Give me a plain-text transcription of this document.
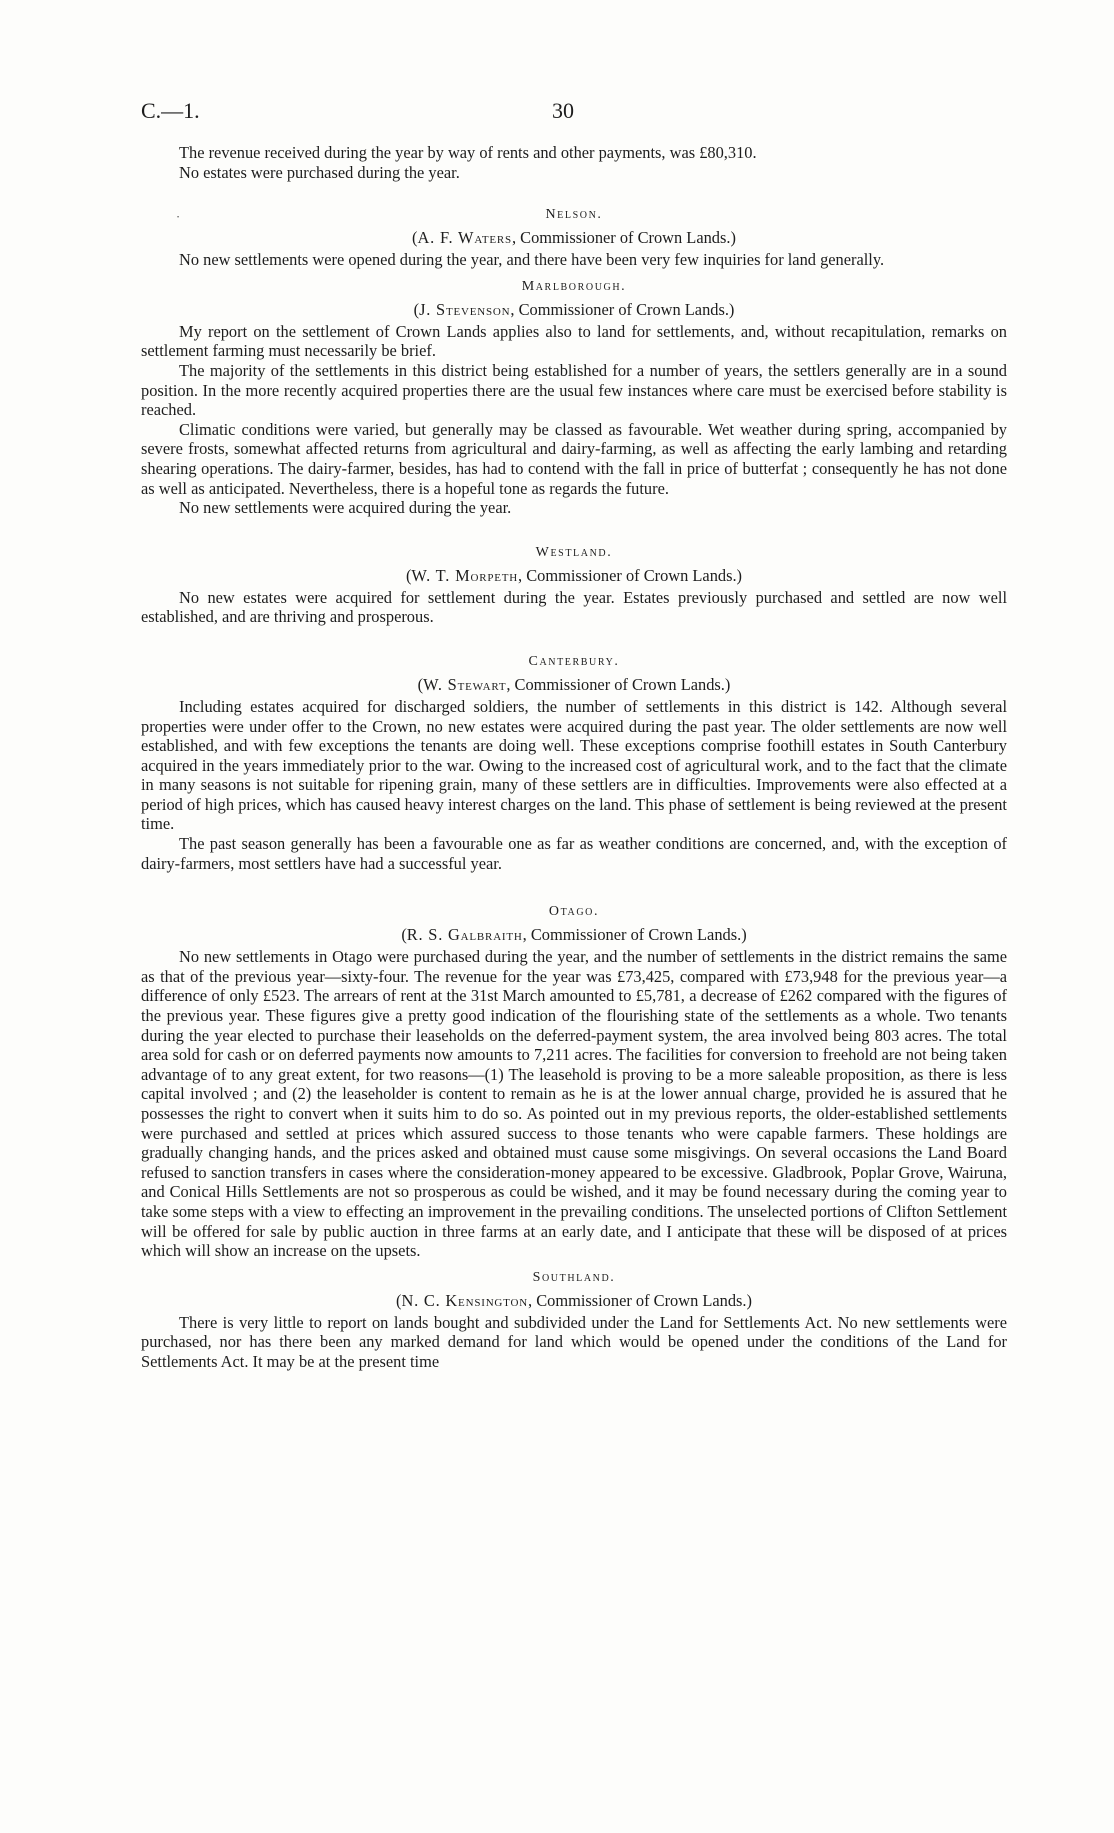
C.—1.	30
•

The revenue received during the year by way of rents and other payments, was £80,310.

No estates were purchased during the year.

Nelson.
(A. F. Waters, Commissioner of Crown Lands.)

No new settlements were opened during the year, and there have been very few inquiries for land generally.

Marlborough.
(J. Stevenson, Commissioner of Crown Lands.)

My report on the settlement of Crown Lands applies also to land for settlements, and, without recapitulation, remarks on settlement farming must necessarily be brief.

The majority of the settlements in this district being established for a number of years, the settlers generally are in a sound position. In the more recently acquired properties there are the usual few instances where care must be exercised before stability is reached.

Climatic conditions were varied, but generally may be classed as favourable. Wet weather during spring, accompanied by severe frosts, somewhat affected returns from agricultural and dairy-farming, as well as affecting the early lambing and retarding shearing operations. The dairy-farmer, besides, has had to contend with the fall in price of butterfat ; consequently he has not done as well as anticipated. Nevertheless, there is a hopeful tone as regards the future.

No new settlements were acquired during the year.

Westland.
(W. T. Morpeth, Commissioner of Crown Lands.)

No new estates were acquired for settlement during the year. Estates previously purchased and settled are now well established, and are thriving and prosperous.

Canterbury.
(W. Stewart, Commissioner of Crown Lands.)

Including estates acquired for discharged soldiers, the number of settlements in this district is 142. Although several properties were under offer to the Crown, no new estates were acquired during the past year. The older settlements are now well established, and with few exceptions the tenants are doing well. These exceptions comprise foothill estates in South Canterbury acquired in the years immediately prior to the war. Owing to the increased cost of agricultural work, and to the fact that the climate in many seasons is not suitable for ripening grain, many of these settlers are in difficulties. Improvements were also effected at a period of high prices, which has caused heavy interest charges on the land. This phase of settlement is being reviewed at the present time.

The past season generally has been a favourable one as far as weather conditions are concerned, and, with the exception of dairy-farmers, most settlers have had a successful year.

Otago.
(R. S. Galbraith, Commissioner of Crown Lands.)

No new settlements in Otago were purchased during the year, and the number of settlements in the district remains the same as that of the previous year—sixty-four. The revenue for the year was £73,425, compared with £73,948 for the previous year—a difference of only £523. The arrears of rent at the 31st March amounted to £5,781, a decrease of £262 compared with the figures of the previous year. These figures give a pretty good indication of the flourishing state of the settlements as a whole. Two tenants during the year elected to purchase their leaseholds on the deferred-payment system, the area involved being 803 acres. The total area sold for cash or on deferred payments now amounts to 7,211 acres. The facilities for conversion to freehold are not being taken advantage of to any great extent, for two reasons—(1) The leasehold is proving to be a more saleable proposition, as there is less capital involved ; and (2) the leaseholder is content to remain as he is at the lower annual charge, provided he is assured that he possesses the right to convert when it suits him to do so. As pointed out in my previous reports, the older-established settlements were purchased and settled at prices which assured success to those tenants who were capable farmers. These holdings are gradually changing hands, and the prices asked and obtained must cause some misgivings. On several occasions the Land Board refused to sanction transfers in cases where the consideration-money appeared to be excessive. Gladbrook, Poplar Grove, Wairuna, and Conical Hills Settlements are not so prosperous as could be wished, and it may be found necessary during the coming year to take some steps with a view to effecting an improvement in the prevailing conditions. The unselected portions of Clifton Settlement will be offered for sale by public auction in three farms at an early date, and I anticipate that these will be disposed of at prices which will show an increase on the upsets.

Southland.
(N. C. Kensington, Commissioner of Crown Lands.)

There is very little to report on lands bought and subdivided under the Land for Settlements Act. No new settlements were purchased, nor has there been any marked demand for land which would be opened under the conditions of the Land for Settlements Act. It may be at the present time
